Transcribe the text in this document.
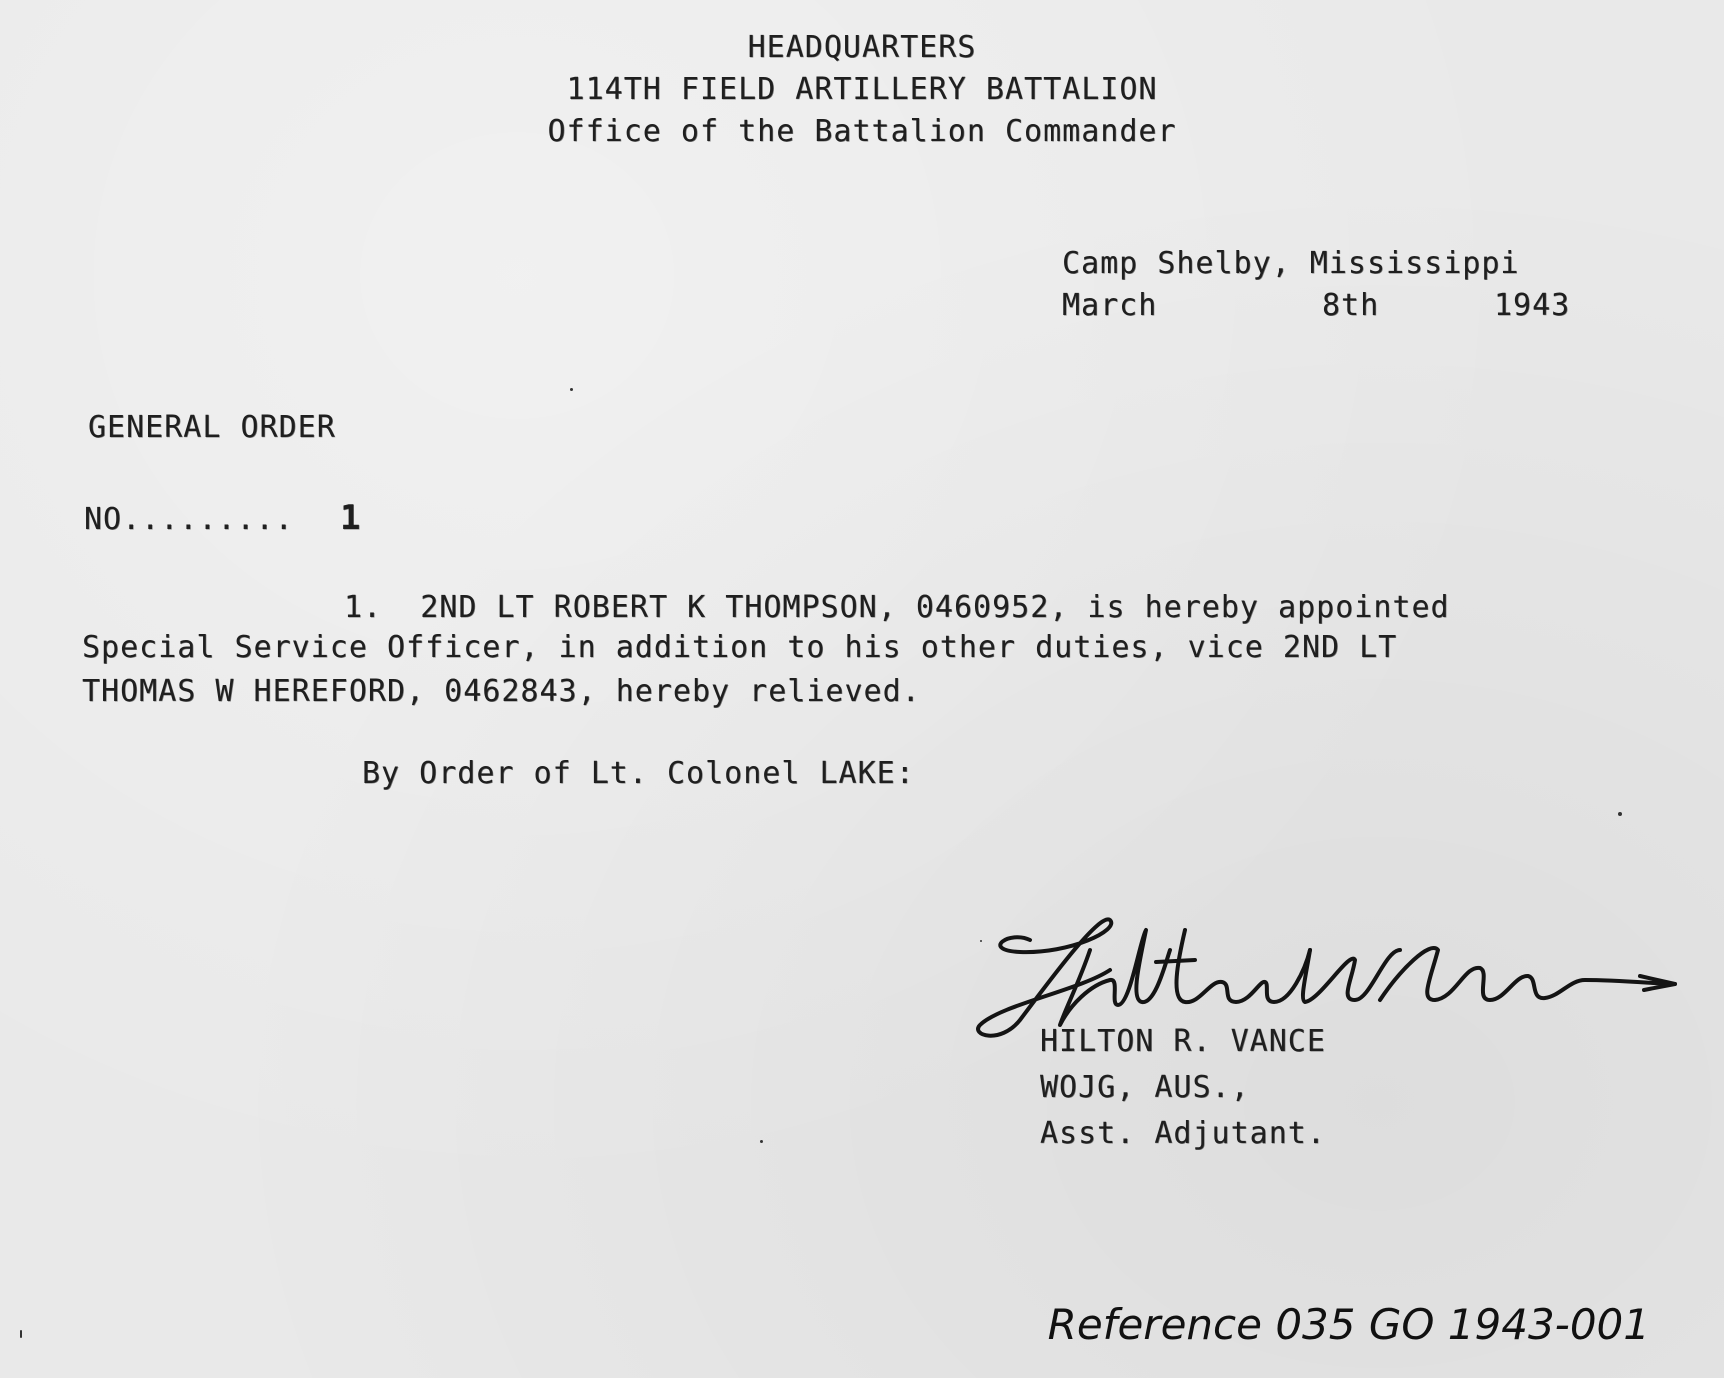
HEADQUARTERS
114TH FIELD ARTILLERY BATTALION
Office of the Battalion Commander
Camp Shelby, Mississippi
March	8th	1943
GENERAL ORDER
NO......... 1
1.  2ND LT ROBERT K THOMPSON, 0460952, is hereby appointed
Special Service Officer, in addition to his other duties, vice 2ND LT
THOMAS W HEREFORD, 0462843, hereby relieved.
By Order of Lt. Colonel LAKE:
HILTON R. VANCE
WOJG, AUS.,
Asst. Adjutant.
Reference 035 GO 1943-001
